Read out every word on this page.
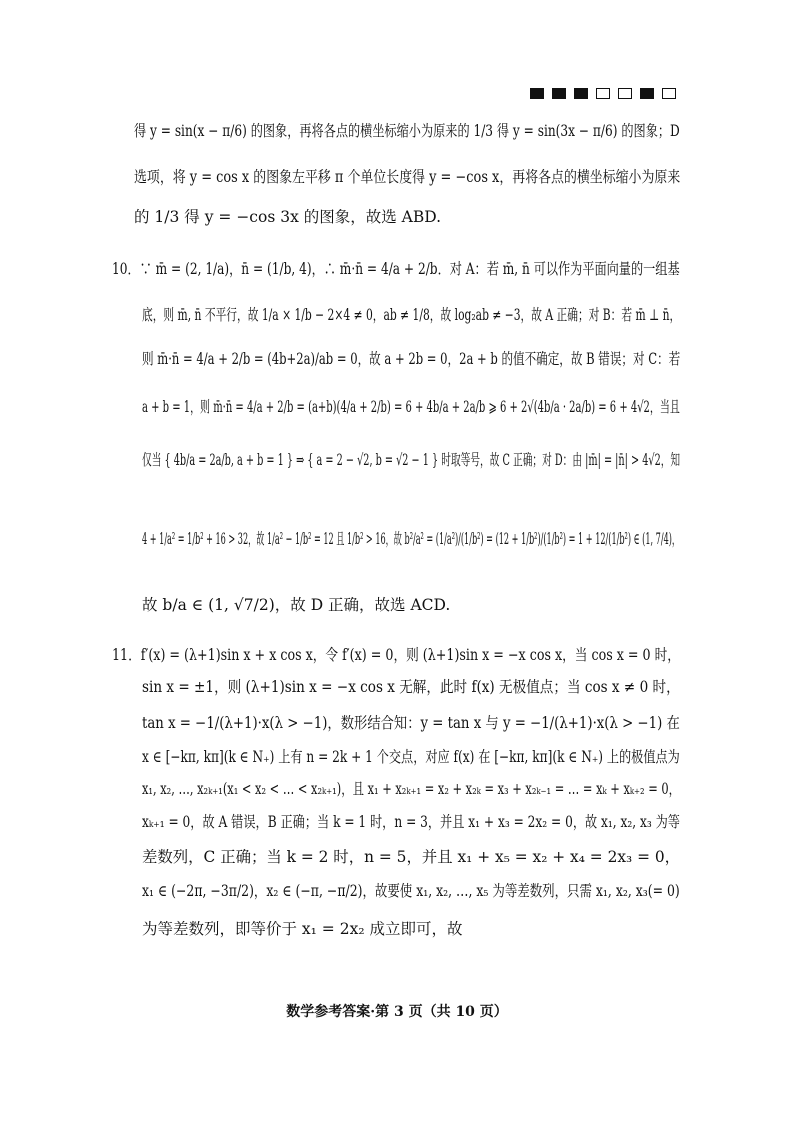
得 y = sin(x − π/6) 的图象，再将各点的横坐标缩小为原来的 1/3 得 y = sin(3x − π/6) 的图象；D
选项，将 y = cos x 的图象左平移 π 个单位长度得 y = −cos x，再将各点的横坐标缩小为原来
的 1/3 得 y = −cos 3x 的图象，故选 ABD.
10．∵ m̄ = (2, 1/a)，n̄ = (1/b, 4)，∴ m̄·n̄ = 4/a + 2/b．对 A：若 m̄, n̄ 可以作为平面向量的一组基
底，则 m̄, n̄ 不平行，故 1/a × 1/b − 2×4 ≠ 0，ab ≠ 1/8，故 log₂ab ≠ −3，故 A 正确；对 B：若 m̄ ⊥ n̄，
则 m̄·n̄ = 4/a + 2/b = (4b+2a)/ab = 0，故 a + 2b = 0，2a + b 的值不确定，故 B 错误；对 C：若
a + b = 1，则 m̄·n̄ = 4/a + 2/b = (a+b)(4/a + 2/b) = 6 + 4b/a + 2a/b ⩾ 6 + 2√(4b/a · 2a/b) = 6 + 4√2，当且
仅当 { 4b/a = 2a/b, a + b = 1 } ⇒ { a = 2 − √2, b = √2 − 1 } 时取等号，故 C 正确；对 D：由 |m̄| = |n̄| > 4√2，知
4 + 1/a² = 1/b² + 16 > 32，故 1/a² − 1/b² = 12 且 1/b² > 16，故 b²/a² = (1/a²)/(1/b²) = (12 + 1/b²)/(1/b²) = 1 + 12/(1/b²) ∈ (1, 7/4)，
故 b/a ∈ (1, √7/2)，故 D 正确，故选 ACD.
11．f′(x) = (λ+1)sin x + x cos x，令 f′(x) = 0，则 (λ+1)sin x = −x cos x，当 cos x = 0 时，
sin x = ±1，则 (λ+1)sin x = −x cos x 无解，此时 f(x) 无极值点；当 cos x ≠ 0 时，
tan x = −1/(λ+1)·x(λ > −1)，数形结合知：y = tan x 与 y = −1/(λ+1)·x(λ > −1) 在
x ∈ [−kπ, kπ](k ∈ N₊) 上有 n = 2k + 1 个交点，对应 f(x) 在 [−kπ, kπ](k ∈ N₊) 上的极值点为
x₁, x₂, …, x₂ₖ₊₁(x₁ < x₂ < … < x₂ₖ₊₁)，且 x₁ + x₂ₖ₊₁ = x₂ + x₂ₖ = x₃ + x₂ₖ₋₁ = … = xₖ + xₖ₊₂ = 0，
xₖ₊₁ = 0，故 A 错误，B 正确；当 k = 1 时，n = 3，并且 x₁ + x₃ = 2x₂ = 0，故 x₁, x₂, x₃ 为等
差数列，C 正确；当 k = 2 时，n = 5，并且 x₁ + x₅ = x₂ + x₄ = 2x₃ = 0，
x₁ ∈ (−2π, −3π/2)，x₂ ∈ (−π, −π/2)，故要使 x₁, x₂, …, x₅ 为等差数列，只需 x₁, x₂, x₃(= 0)
为等差数列，即等价于 x₁ = 2x₂ 成立即可，故
数学参考答案·第 3 页（共 10 页）
